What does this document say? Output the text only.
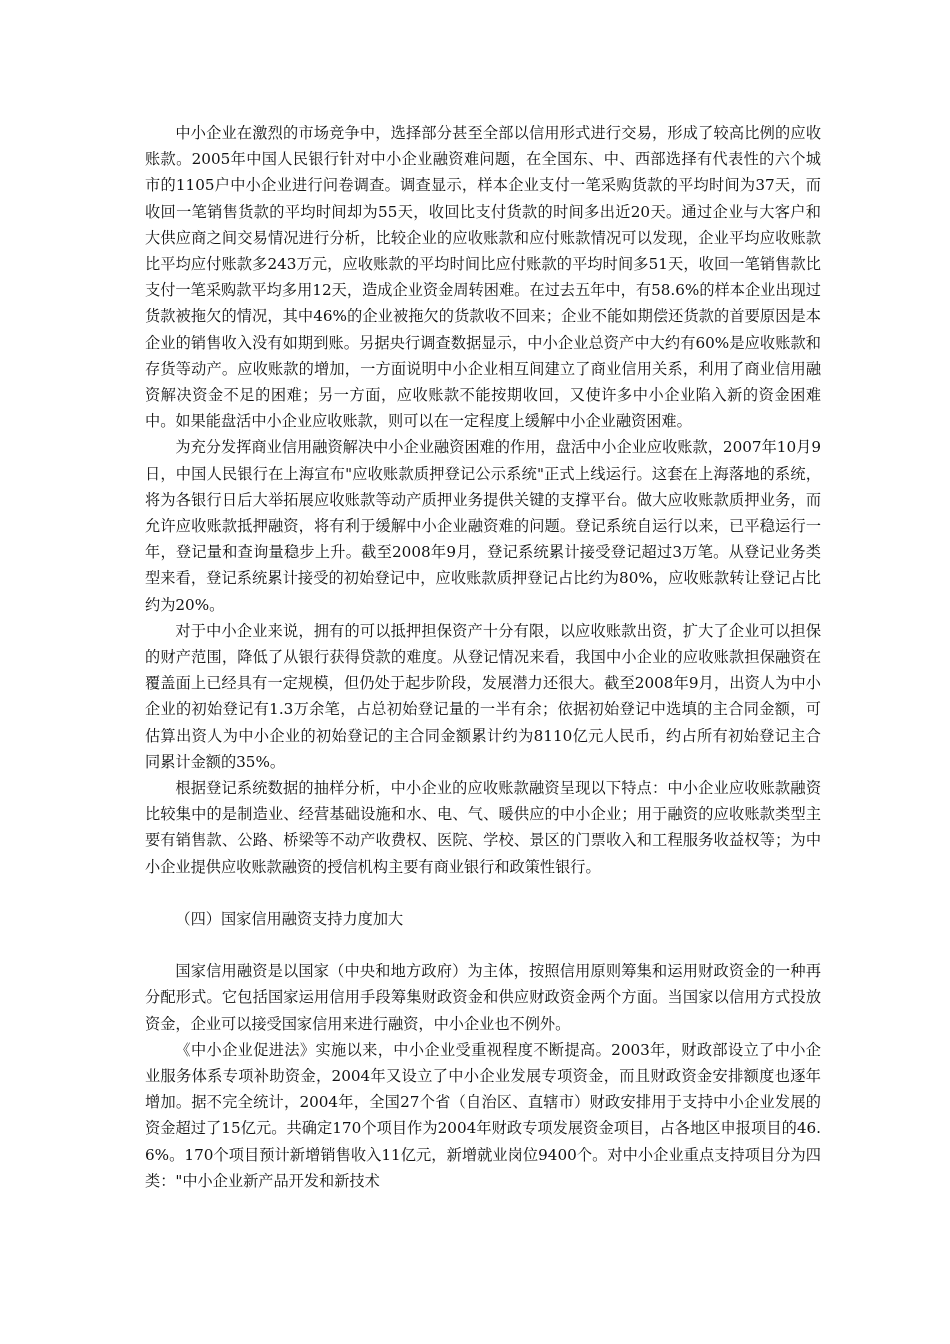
中小企业在激烈的市场竞争中，选择部分甚至全部以信用形式进行交易，形成了较高比例的应收账款。2005年中国人民银行针对中小企业融资难问题，在全国东、中、西部选择有代表性的六个城市的1105户中小企业进行问卷调查。调查显示，样本企业支付一笔采购货款的平均时间为37天，而收回一笔销售货款的平均时间却为55天，收回比支付货款的时间多出近20天。通过企业与大客户和大供应商之间交易情况进行分析，比较企业的应收账款和应付账款情况可以发现，企业平均应收账款比平均应付账款多243万元，应收账款的平均时间比应付账款的平均时间多51天，收回一笔销售款比支付一笔采购款平均多用12天，造成企业资金周转困难。在过去五年中，有58.6%的样本企业出现过货款被拖欠的情况，其中46%的企业被拖欠的货款收不回来；企业不能如期偿还货款的首要原因是本企业的销售收入没有如期到账。另据央行调查数据显示，中小企业总资产中大约有60%是应收账款和存货等动产。应收账款的增加，一方面说明中小企业相互间建立了商业信用关系，利用了商业信用融资解决资金不足的困难；另一方面，应收账款不能按期收回，又使许多中小企业陷入新的资金困难中。如果能盘活中小企业应收账款，则可以在一定程度上缓解中小企业融资困难。

为充分发挥商业信用融资解决中小企业融资困难的作用，盘活中小企业应收账款，2007年10月9日，中国人民银行在上海宣布"应收账款质押登记公示系统"正式上线运行。这套在上海落地的系统，将为各银行日后大举拓展应收账款等动产质押业务提供关键的支撑平台。做大应收账款质押业务，而允许应收账款抵押融资，将有利于缓解中小企业融资难的问题。登记系统自运行以来，已平稳运行一年，登记量和查询量稳步上升。截至2008年9月，登记系统累计接受登记超过3万笔。从登记业务类型来看，登记系统累计接受的初始登记中，应收账款质押登记占比约为80%，应收账款转让登记占比约为20%。

对于中小企业来说，拥有的可以抵押担保资产十分有限，以应收账款出资，扩大了企业可以担保的财产范围，降低了从银行获得贷款的难度。从登记情况来看，我国中小企业的应收账款担保融资在覆盖面上已经具有一定规模，但仍处于起步阶段，发展潜力还很大。截至2008年9月，出资人为中小企业的初始登记有1.3万余笔，占总初始登记量的一半有余；依据初始登记中选填的主合同金额，可估算出资人为中小企业的初始登记的主合同金额累计约为8110亿元人民币，约占所有初始登记主合同累计金额的35%。

根据登记系统数据的抽样分析，中小企业的应收账款融资呈现以下特点：中小企业应收账款融资比较集中的是制造业、经营基础设施和水、电、气、暖供应的中小企业；用于融资的应收账款类型主要有销售款、公路、桥梁等不动产收费权、医院、学校、景区的门票收入和工程服务收益权等；为中小企业提供应收账款融资的授信机构主要有商业银行和政策性银行。

（四）国家信用融资支持力度加大

国家信用融资是以国家（中央和地方政府）为主体，按照信用原则筹集和运用财政资金的一种再分配形式。它包括国家运用信用手段筹集财政资金和供应财政资金两个方面。当国家以信用方式投放资金，企业可以接受国家信用来进行融资，中小企业也不例外。

《中小企业促进法》实施以来，中小企业受重视程度不断提高。2003年，财政部设立了中小企业服务体系专项补助资金，2004年又设立了中小企业发展专项资金，而且财政资金安排额度也逐年增加。据不完全统计，2004年，全国27个省（自治区、直辖市）财政安排用于支持中小企业发展的资金超过了15亿元。共确定170个项目作为2004年财政专项发展资金项目，占各地区申报项目的46.6%。170个项目预计新增销售收入11亿元，新增就业岗位9400个。对中小企业重点支持项目分为四类："中小企业新产品开发和新技术
